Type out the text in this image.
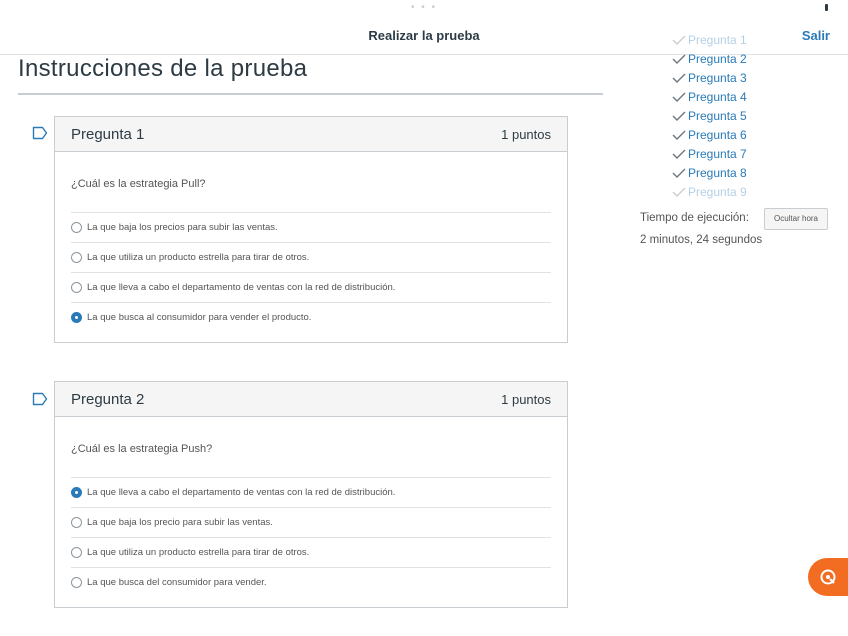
• • •
Realizar la prueba	Salir
Instrucciones de la prueba
Pregunta 1	1 puntos
¿Cuál es la estrategia Pull?
La que baja los precios para subir las ventas.
La que utiliza un producto estrella para tirar de otros.
La que lleva a cabo el departamento de ventas con la red de distribución.
La que busca al consumidor para vender el producto.
Pregunta 2	1 puntos
¿Cuál es la estrategia Push?
La que lleva a cabo el departamento de ventas con la red de distribución.
La que baja los precio para subir las ventas.
La que utiliza un producto estrella para tirar de otros.
La que busca del consumidor para vender.
Pregunta 1
Pregunta 2
Pregunta 3
Pregunta 4
Pregunta 5
Pregunta 6
Pregunta 7
Pregunta 8
Pregunta 9
Tiempo de ejecución:	Ocultar hora
2 minutos, 24 segundos
